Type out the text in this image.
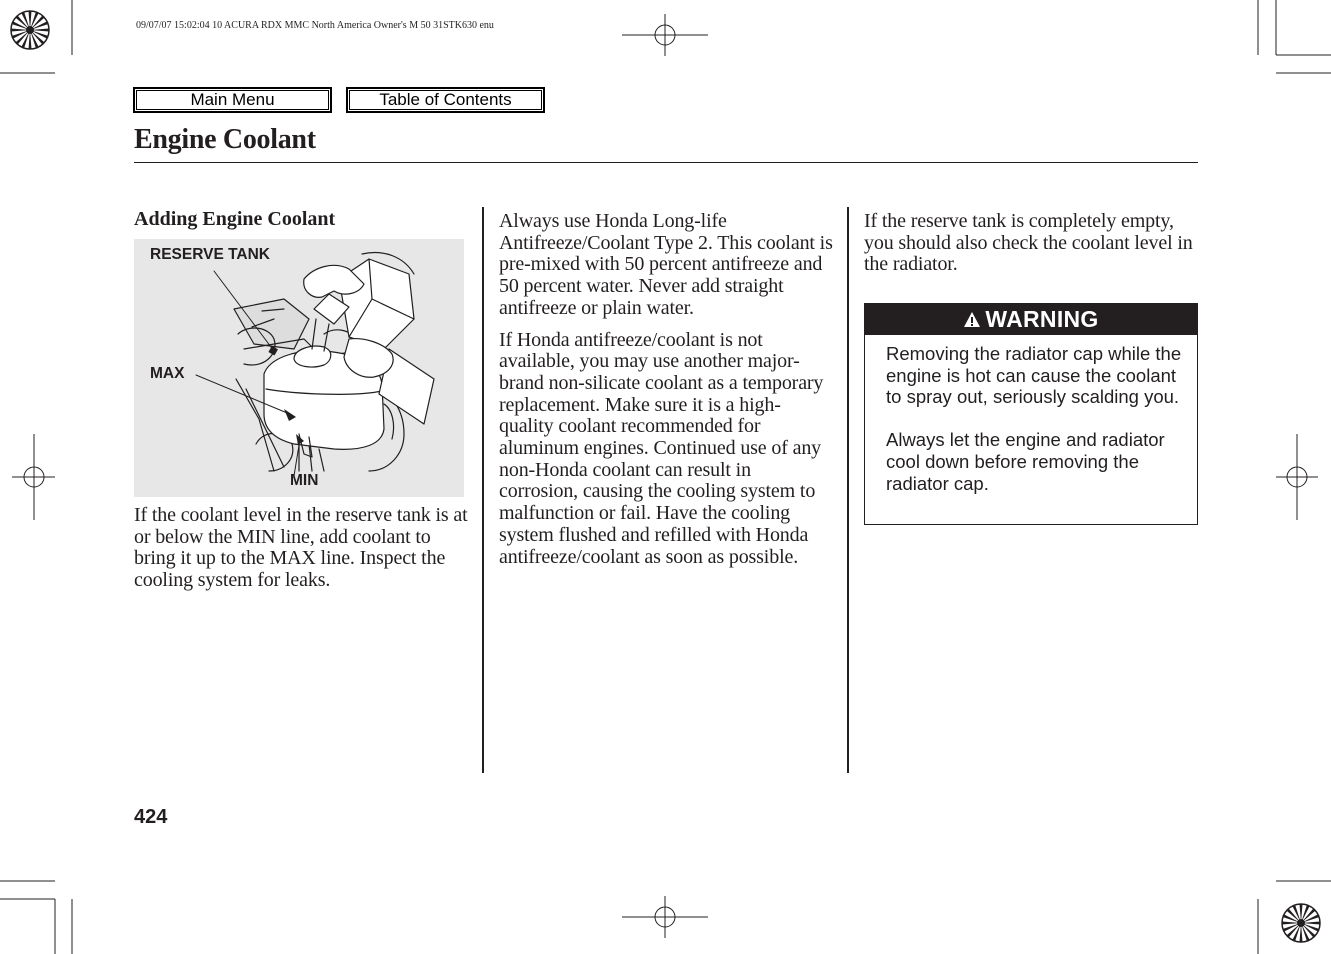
09/07/07 15:02:04 10 ACURA RDX MMC North America Owner's M 50 31STK630 enu
Main Menu	Table of Contents
Engine Coolant
Adding Engine Coolant
RESERVE TANK
MAX
MIN

If the coolant level in the reserve tank is at or below the MIN line, add coolant to bring it up to the MAX line. Inspect the cooling system for leaks.

Always use Honda Long-life Antifreeze/Coolant Type 2. This coolant is pre-mixed with 50 percent antifreeze and 50 percent water. Never add straight antifreeze or plain water.

If Honda antifreeze/coolant is not available, you may use another major-brand non-silicate coolant as a temporary replacement. Make sure it is a high-quality coolant recommended for aluminum engines. Continued use of any non-Honda coolant can result in corrosion, causing the cooling system to malfunction or fail. Have the cooling system flushed and refilled with Honda antifreeze/coolant as soon as possible.

If the reserve tank is completely empty, you should also check the coolant level in the radiator.

WARNING

Removing the radiator cap while the engine is hot can cause the coolant to spray out, seriously scalding you.

Always let the engine and radiator cool down before removing the radiator cap.

424
